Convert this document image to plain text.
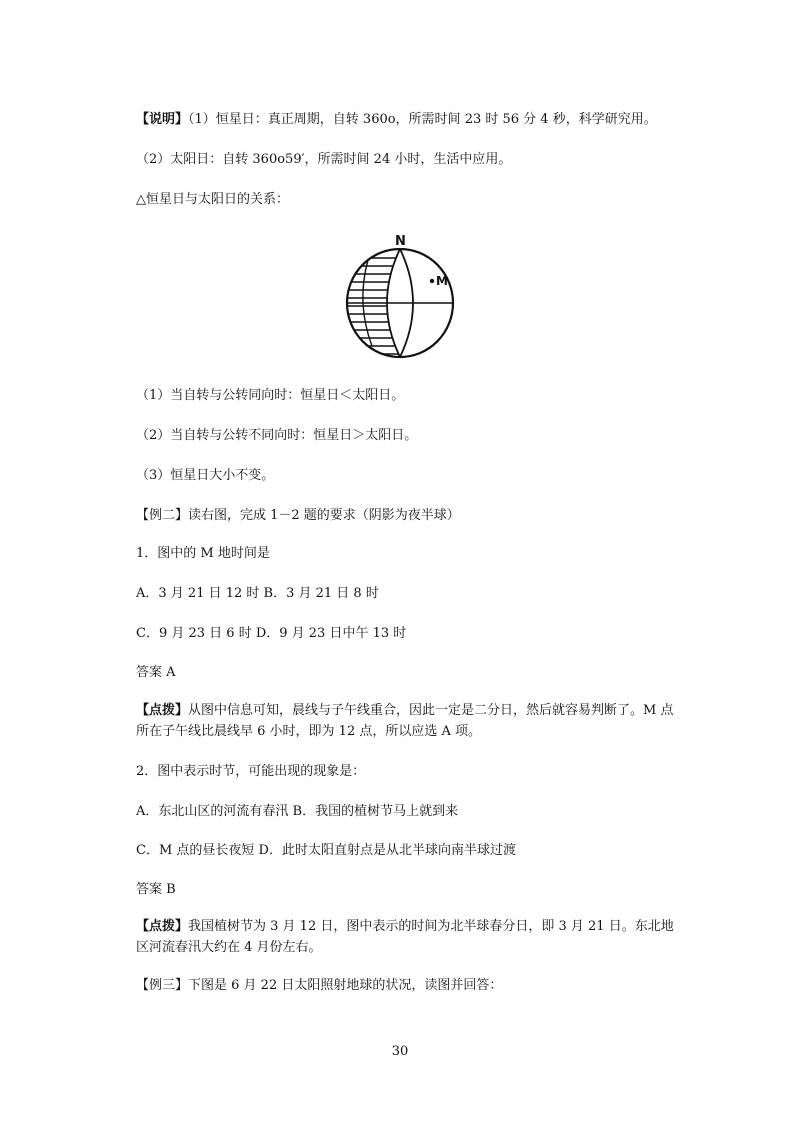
【说明】（1）恒星日：真正周期，自转 360o，所需时间 23 时 56 分 4 秒，科学研究用。
（2）太阳日：自转 360o59′，所需时间 24 小时，生活中应用。
△恒星日与太阳日的关系：
N
M
（1）当自转与公转同向时：恒星日＜太阳日。
（2）当自转与公转不同向时：恒星日＞太阳日。
（3）恒星日大小不变。
【例二】读右图，完成 1－2 题的要求（阴影为夜半球）
1．图中的 M 地时间是
A．3 月 21 日 12 时 B．3 月 21 日 8 时
C．9 月 23 日 6 时 D．9 月 23 日中午 13 时
答案 A
【点拨】从图中信息可知，晨线与子午线重合，因此一定是二分日，然后就容易判断了。M 点所在子午线比晨线早 6 小时，即为 12 点，所以应选 A 项。
2．图中表示时节，可能出现的现象是：
A．东北山区的河流有春汛 B．我国的植树节马上就到来
C．M 点的昼长夜短 D．此时太阳直射点是从北半球向南半球过渡
答案 B
【点拨】我国植树节为 3 月 12 日，图中表示的时间为北半球春分日，即 3 月 21 日。东北地区河流春汛大约在 4 月份左右。
【例三】下图是 6 月 22 日太阳照射地球的状况，读图并回答：
30
